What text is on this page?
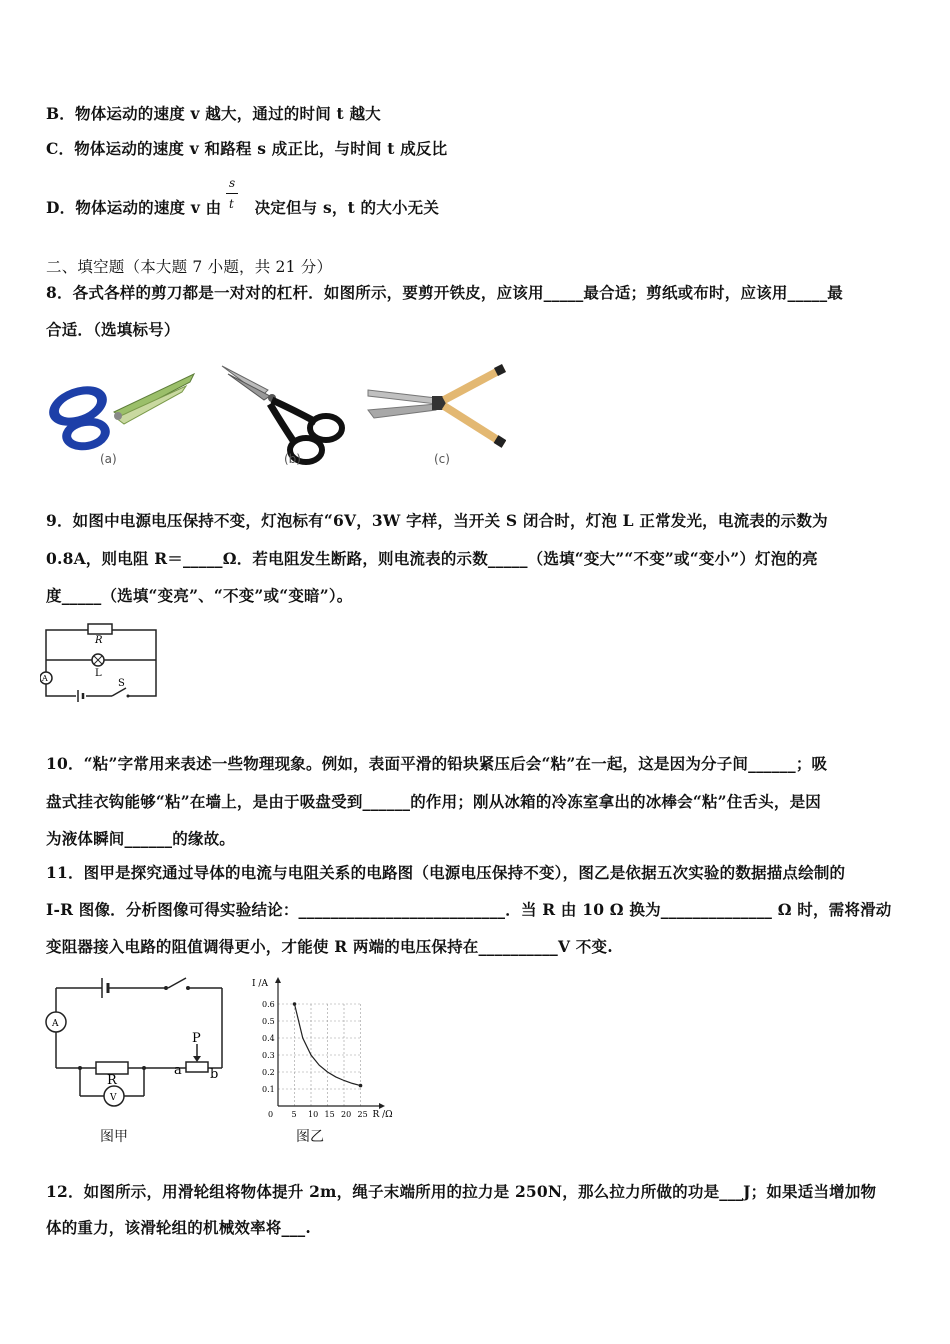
B．物体运动的速度 v 越大，通过的时间 t 越大
C．物体运动的速度 v 和路程 s 成正比，与时间 t 成反比
D．物体运动的速度 v 由 决定但与 s，t 的大小无关
s
t
二、填空题（本大题 7 小题，共 21 分）
8．各式各样的剪刀都是一对对的杠杆．如图所示，要剪开铁皮，应该用_____最合适；剪纸或布时，应该用_____最
合适．（选填标号）
(a)	(b)	(c)
9．如图中电源电压保持不变，灯泡标有“6V，3W 字样，当开关 S 闭合时，灯泡 L 正常发光，电流表的示数为
0.8A，则电阻 R＝_____Ω．若电阻发生断路，则电流表的示数_____（选填“变大”“不变”或“变小”）灯泡的亮
度_____（选填“变亮”、“不变”或“变暗”）。
R
L
A	S
10．“粘”字常用来表述一些物理现象。例如，表面平滑的铅块紧压后会“粘”在一起，这是因为分子间______；吸
盘式挂衣钩能够“粘”在墙上，是由于吸盘受到______的作用；刚从冰箱的冷冻室拿出的冰棒会“粘”住舌头，是因
为液体瞬间______的缘故。
11．图甲是探究通过导体的电流与电阻关系的电路图（电源电压保持不变），图乙是依据五次实验的数据描点绘制的
I-R 图像．分析图像可得实验结论：__________________________．当 R 由 10 Ω 换为______________ Ω 时，需将滑动
变阻器接入电路的阻值调得更小，才能使 R 两端的电压保持在__________V 不变.
A
V
R
P
a b
图甲
0 5 10 15 20 25
0.1
0.2
0.3
0.4
0.5
0.6
R /Ω
I /A
图乙
12．如图所示，用滑轮组将物体提升 2m，绳子末端所用的拉力是 250N，那么拉力所做的功是___J；如果适当增加物
体的重力，该滑轮组的机械效率将___.
